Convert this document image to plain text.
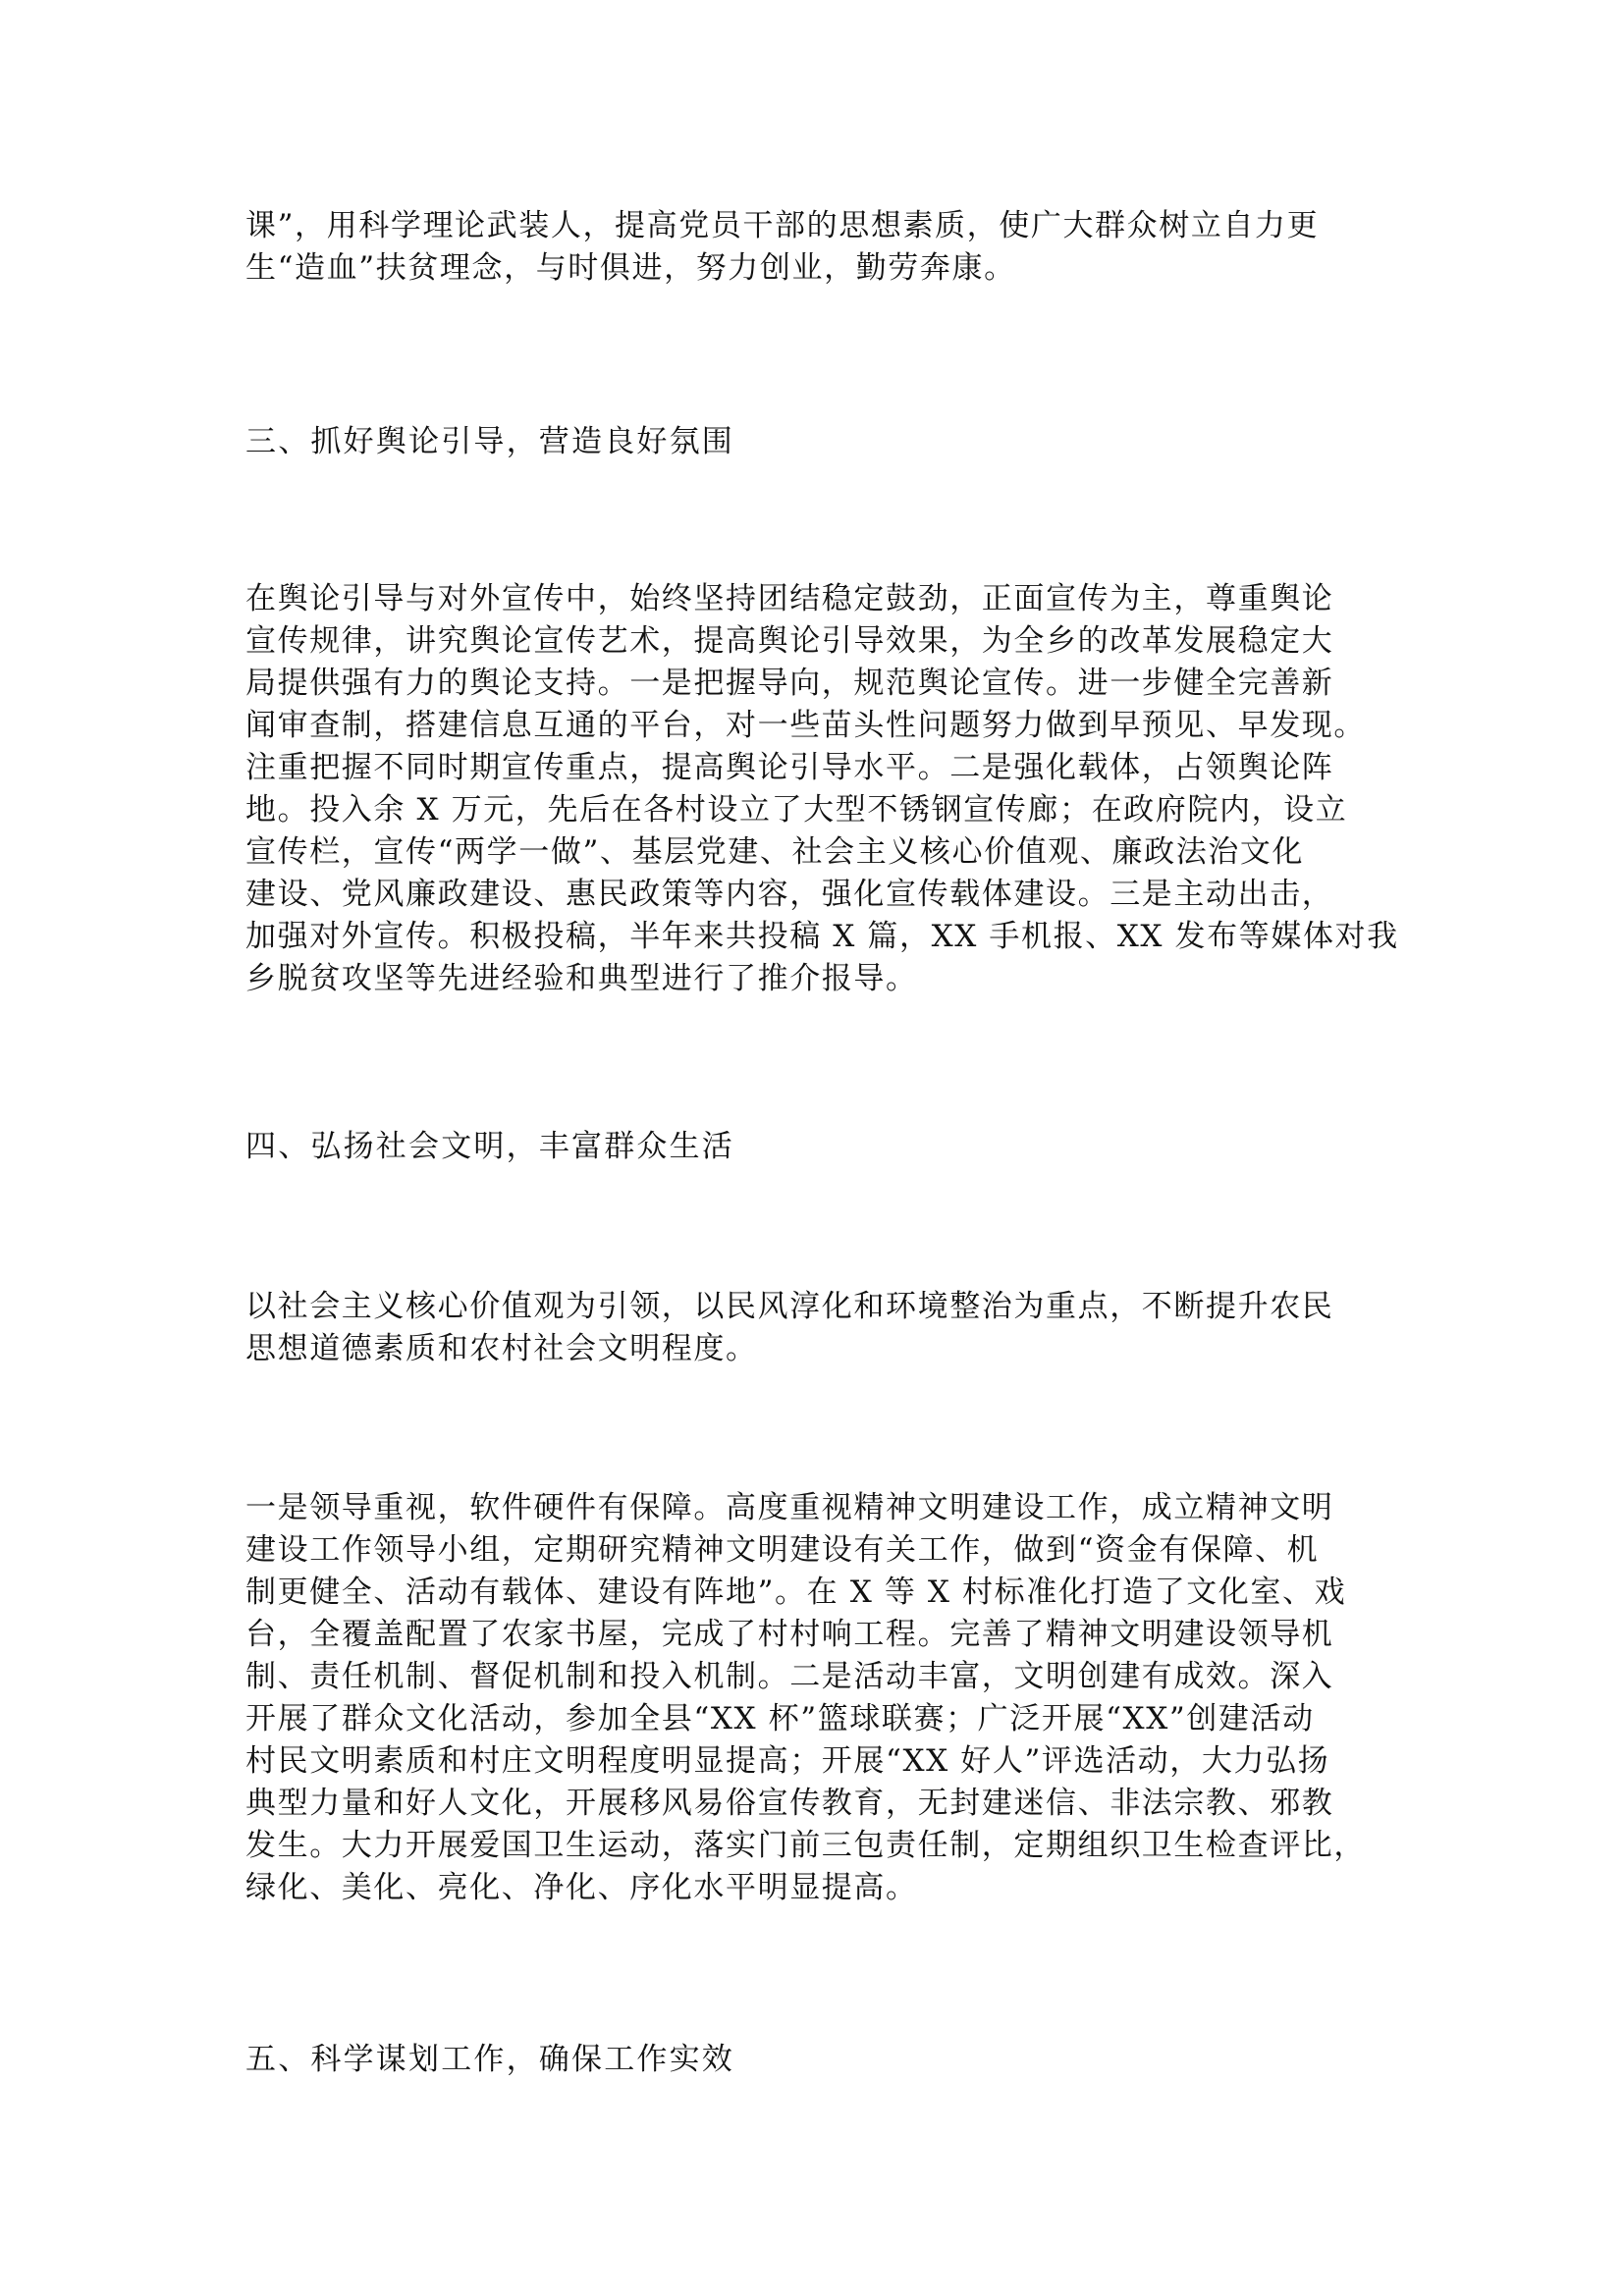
课”，用科学理论武装人，提高党员干部的思想素质，使广大群众树立自力更
生“造血”扶贫理念，与时俱进，努力创业，勤劳奔康。
三、抓好舆论引导，营造良好氛围
在舆论引导与对外宣传中，始终坚持团结稳定鼓劲，正面宣传为主，尊重舆论
宣传规律，讲究舆论宣传艺术，提高舆论引导效果，为全乡的改革发展稳定大
局提供强有力的舆论支持。一是把握导向，规范舆论宣传。进一步健全完善新
闻审查制，搭建信息互通的平台，对一些苗头性问题努力做到早预见、早发现。
注重把握不同时期宣传重点，提高舆论引导水平。二是强化载体，占领舆论阵
地。投入余 X 万元，先后在各村设立了大型不锈钢宣传廊；在政府院内，设立
宣传栏，宣传“两学一做”、基层党建、社会主义核心价值观、廉政法治文化
建设、党风廉政建设、惠民政策等内容，强化宣传载体建设。三是主动出击，
加强对外宣传。积极投稿，半年来共投稿 X 篇，XX 手机报、XX 发布等媒体对我
乡脱贫攻坚等先进经验和典型进行了推介报导。
四、弘扬社会文明，丰富群众生活
以社会主义核心价值观为引领，以民风淳化和环境整治为重点，不断提升农民
思想道德素质和农村社会文明程度。
一是领导重视，软件硬件有保障。高度重视精神文明建设工作，成立精神文明
建设工作领导小组，定期研究精神文明建设有关工作，做到“资金有保障、机
制更健全、活动有载体、建设有阵地”。在 X 等 X 村标准化打造了文化室、戏
台，全覆盖配置了农家书屋，完成了村村响工程。完善了精神文明建设领导机
制、责任机制、督促机制和投入机制。二是活动丰富，文明创建有成效。深入
开展了群众文化活动，参加全县“XX 杯”篮球联赛；广泛开展“XX”创建活动
村民文明素质和村庄文明程度明显提高；开展“XX 好人”评选活动，大力弘扬
典型力量和好人文化，开展移风易俗宣传教育，无封建迷信、非法宗教、邪教
发生。大力开展爱国卫生运动，落实门前三包责任制，定期组织卫生检查评比，
绿化、美化、亮化、净化、序化水平明显提高。
五、科学谋划工作，确保工作实效
